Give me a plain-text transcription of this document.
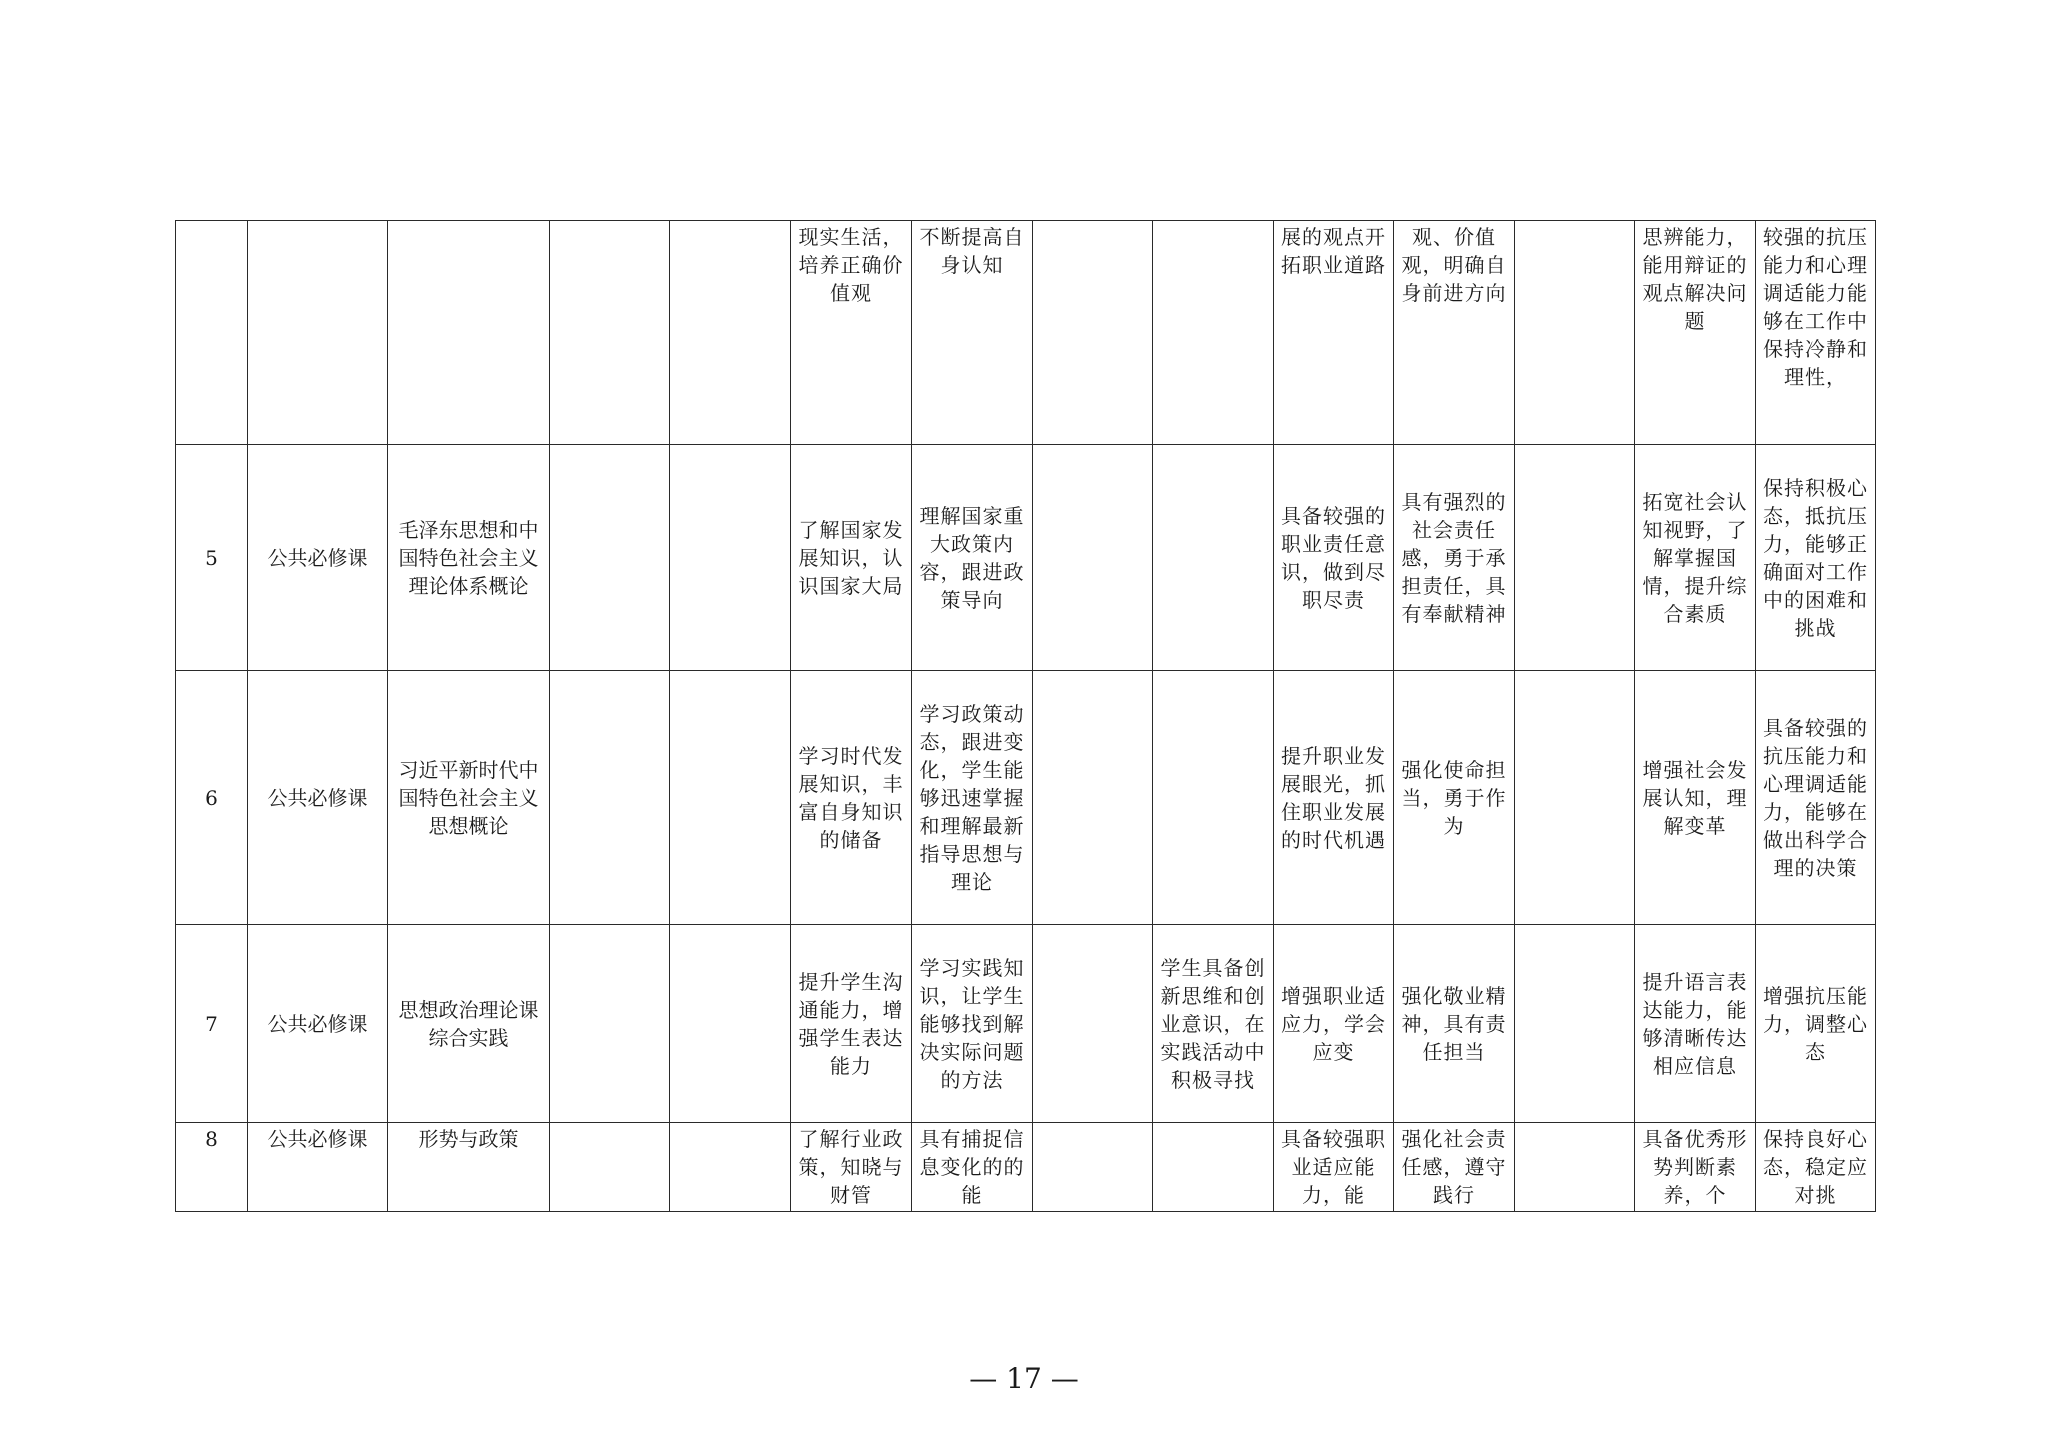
					现实生活，培养正确价值观	不断提高自身认知			展的观点开拓职业道路	观、价值观，明确自身前进方向		思辨能力，能用辩证的观点解决问题	较强的抗压能力和心理调适能力能够在工作中保持冷静和理性，
5	公共必修课	毛泽东思想和中国特色社会主义理论体系概论			了解国家发展知识，认识国家大局	理解国家重大政策内容，跟进政策导向			具备较强的职业责任意识，做到尽职尽责	具有强烈的社会责任感，勇于承担责任，具有奉献精神		拓宽社会认知视野，了解掌握国情，提升综合素质	保持积极心态，抵抗压力，能够正确面对工作中的困难和挑战
6	公共必修课	习近平新时代中国特色社会主义思想概论			学习时代发展知识，丰富自身知识的储备	学习政策动态，跟进变化，学生能够迅速掌握和理解最新指导思想与理论			提升职业发展眼光，抓住职业发展的时代机遇	强化使命担当，勇于作为		增强社会发展认知，理解变革	具备较强的抗压能力和心理调适能力，能够在做出科学合理的决策
7	公共必修课	思想政治理论课综合实践			提升学生沟通能力，增强学生表达能力	学习实践知识，让学生能够找到解决实际问题的方法		学生具备创新思维和创业意识，在实践活动中积极寻找	增强职业适应力，学会应变	强化敬业精神，具有责任担当		提升语言表达能力，能够清晰传达相应信息	增强抗压能力，调整心态
8	公共必修课	形势与政策			了解行业政策，知晓与财管	具有捕捉信息变化的的能			具备较强职业适应能力，能	强化社会责任感，遵守践行		具备优秀形势判断素养，个	保持良好心态，稳定应对挑
— 17 —
